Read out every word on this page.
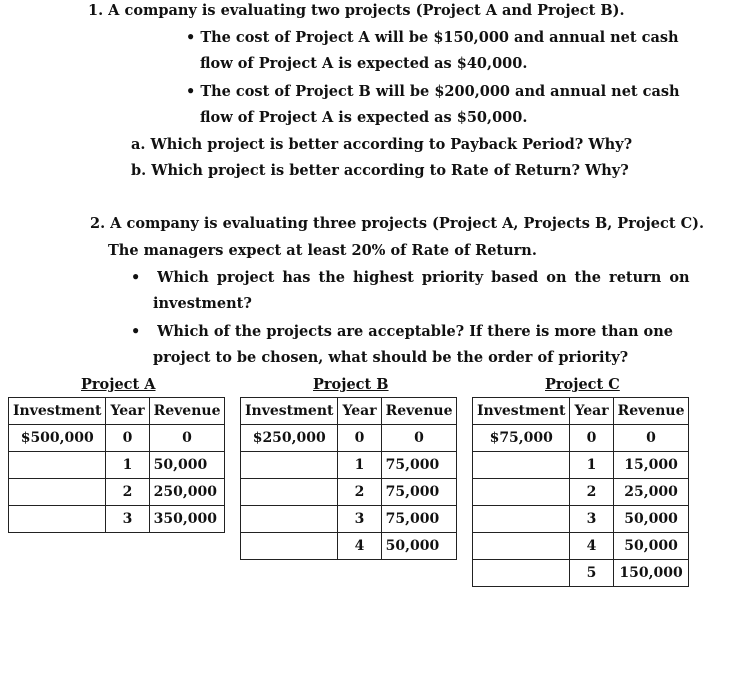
1. A company is evaluating two projects (Project A and Project B).
• The cost of Project A will be $150,000 and annual net cash
flow of Project A is expected as $40,000.
• The cost of Project B will be $200,000 and annual net cash
flow of Project A is expected as $50,000.
a. Which project is better according to Payback Period? Why?
b. Which project is better according to Rate of Return? Why?
2. A company is evaluating three projects (Project A, Projects B, Project C).
The managers expect at least 20% of Rate of Return.
• Which project has the highest priority based on the return on
investment?
• Which of the projects are acceptable? If there is more than one
project to be chosen, what should be the order of priority?
Project A	Project B	Project C
Investment	Year	Revenue
$500,000	0	0
	1	50,000
	2	250,000
	3	350,000
Investment	Year	Revenue
$250,000	0	0
	1	75,000
	2	75,000
	3	75,000
	4	50,000
Investment	Year	Revenue
$75,000	0	0
	1	15,000
	2	25,000
	3	50,000
	4	50,000
	5	150,000
